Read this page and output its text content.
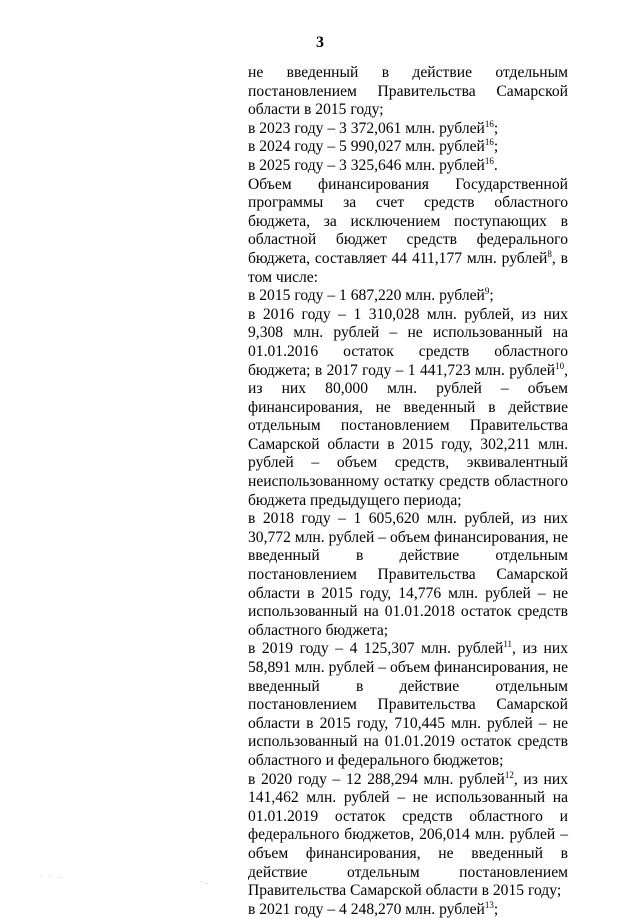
3

не введенный в действие отдельным постановлением Правительства Самарской области в 2015 году;

в 2023 году – 3 372,061 млн. рублей$^{16}$;

в 2024 году – 5 990,027 млн. рублей$^{16}$;

в 2025 году – 3 325,646 млн. рублей$^{16}$.

Объем финансирования Государственной программы за счет средств областного бюджета, за исключением поступающих в областной бюджет средств федерального бюджета, составляет 44 411,177 млн. рублей$^8$, в том числе:

в 2015 году – 1 687,220 млн. рублей$^9$;

в 2016 году – 1 310,028 млн. рублей, из них 9,308 млн. рублей – не использованный на 01.01.2016 остаток средств областного бюджета; в 2017 году – 1 441,723 млн. рублей$^{10}$, из них 80,000 млн. рублей – объем финансирования, не введенный в действие отдельным постановлением Правительства Самарской области в 2015 году, 302,211 млн. рублей – объем средств, эквивалентный неиспользованному остатку средств областного бюджета предыдущего периода;

в 2018 году – 1 605,620 млн. рублей, из них 30,772 млн. рублей – объем финансирования, не введенный в действие отдельным постановлением Правительства Самарской области в 2015 году, 14,776 млн. рублей – не использованный на 01.01.2018 остаток средств областного бюджета;

в 2019 году – 4 125,307 млн. рублей$^{11}$, из них 58,891 млн. рублей – объем финансирования, не введенный в действие отдельным постановлением Правительства Самарской области в 2015 году, 710,445 млн. рублей – не использованный на 01.01.2019 остаток средств областного и федерального бюджетов;

в 2020 году – 12 288,294 млн. рублей$^{12}$, из них 141,462 млн. рублей – не использованный на 01.01.2019 остаток средств областного и федерального бюджетов, 206,014 млн. рублей – объем финансирования, не введенный в действие отдельным постановлением Правительства Самарской области в 2015 году;

в 2021 году – 4 248,270 млн. рублей$^{13}$;

· · ‥
·‥
